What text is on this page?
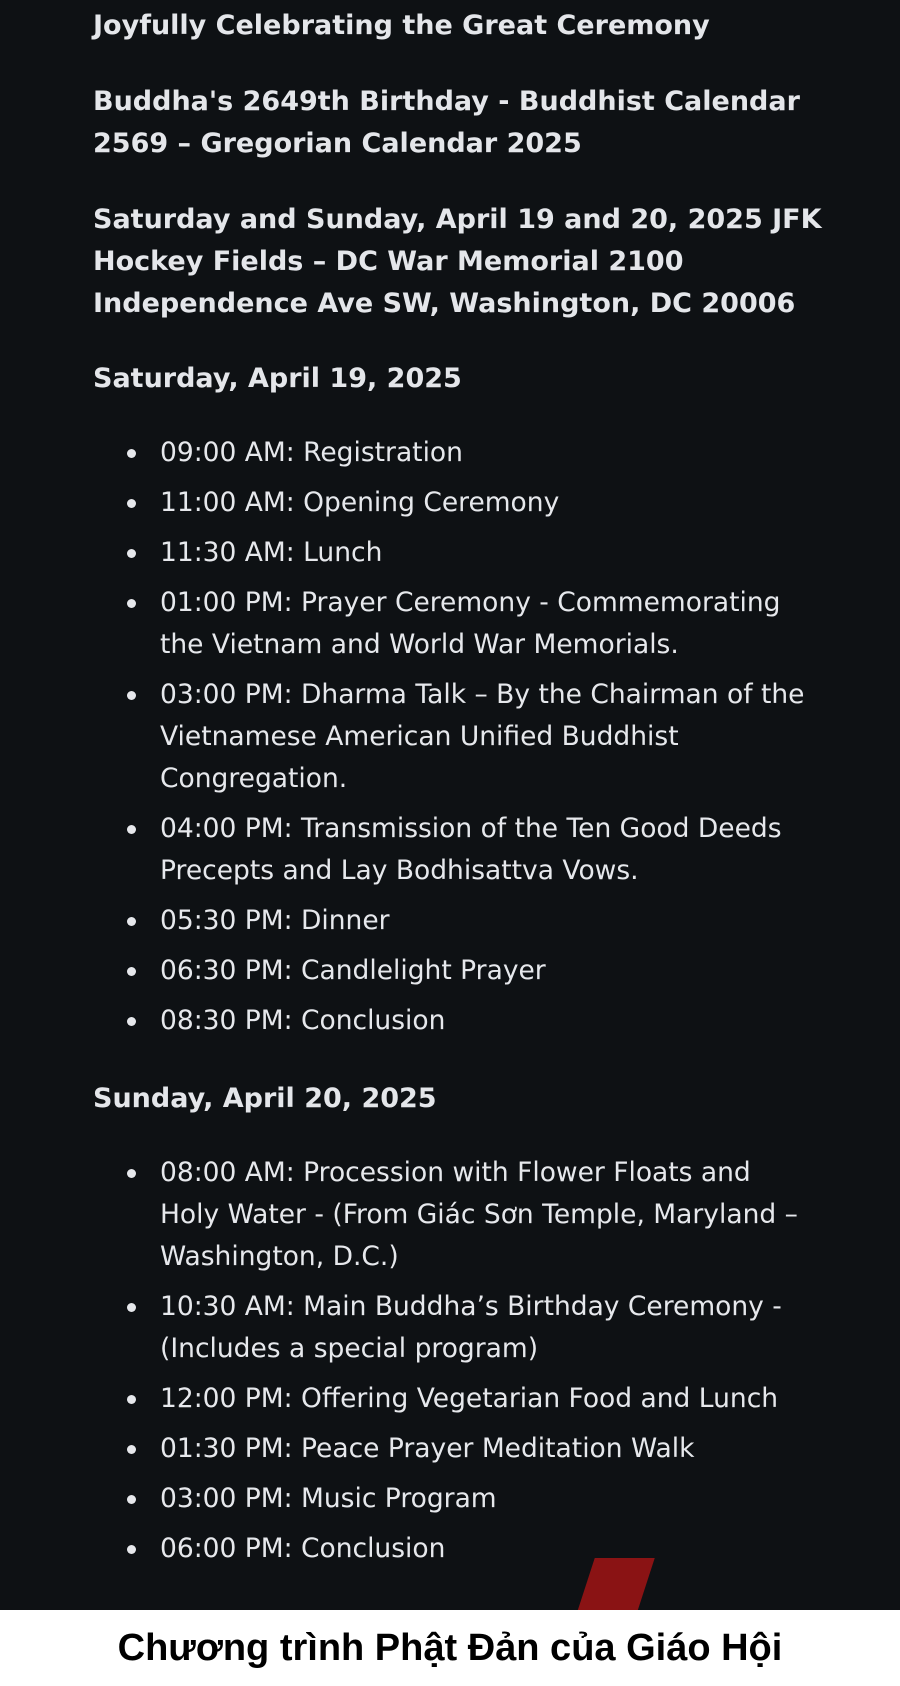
Joyfully Celebrating the Great Ceremony

Buddha's 2649th Birthday - Buddhist Calendar
2569 – Gregorian Calendar 2025

Saturday and Sunday, April 19 and 20, 2025 JFK
Hockey Fields – DC War Memorial 2100
Independence Ave SW, Washington, DC 20006

Saturday, April 19, 2025

09:00 AM: Registration
11:00 AM: Opening Ceremony
11:30 AM: Lunch
01:00 PM: Prayer Ceremony - Commemorating
the Vietnam and World War Memorials.
03:00 PM: Dharma Talk – By the Chairman of the
Vietnamese American Unified Buddhist
Congregation.
04:00 PM: Transmission of the Ten Good Deeds
Precepts and Lay Bodhisattva Vows.
05:30 PM: Dinner
06:30 PM: Candlelight Prayer
08:30 PM: Conclusion

Sunday, April 20, 2025

08:00 AM: Procession with Flower Floats and
Holy Water - (From Giác Sơn Temple, Maryland –
Washington, D.C.)
10:30 AM: Main Buddha’s Birthday Ceremony -
(Includes a special program)
12:00 PM: Offering Vegetarian Food and Lunch
01:30 PM: Peace Prayer Meditation Walk
03:00 PM: Music Program
06:00 PM: Conclusion
Chương trình Phật Đản của Giáo Hội
